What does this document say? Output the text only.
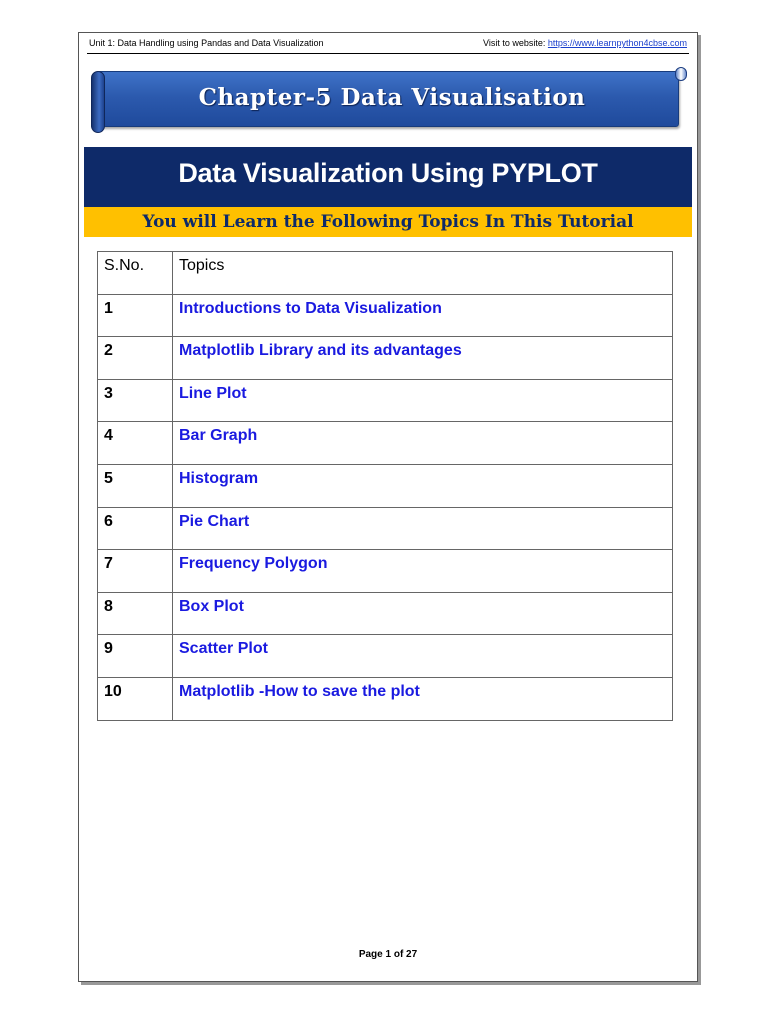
Unit 1: Data Handling using Pandas and Data Visualization	Visit to website: https://www.learnpython4cbse.com
Chapter-5 Data Visualisation
Data Visualization Using PYPLOT
You will Learn the Following Topics In This Tutorial
S.No.	Topics
1	Introductions to Data Visualization
2	Matplotlib Library and its advantages
3	Line Plot
4	Bar Graph
5	Histogram
6	Pie Chart
7	Frequency Polygon
8	Box Plot
9	Scatter Plot
10	Matplotlib -How to save the plot
Page 1 of 27
